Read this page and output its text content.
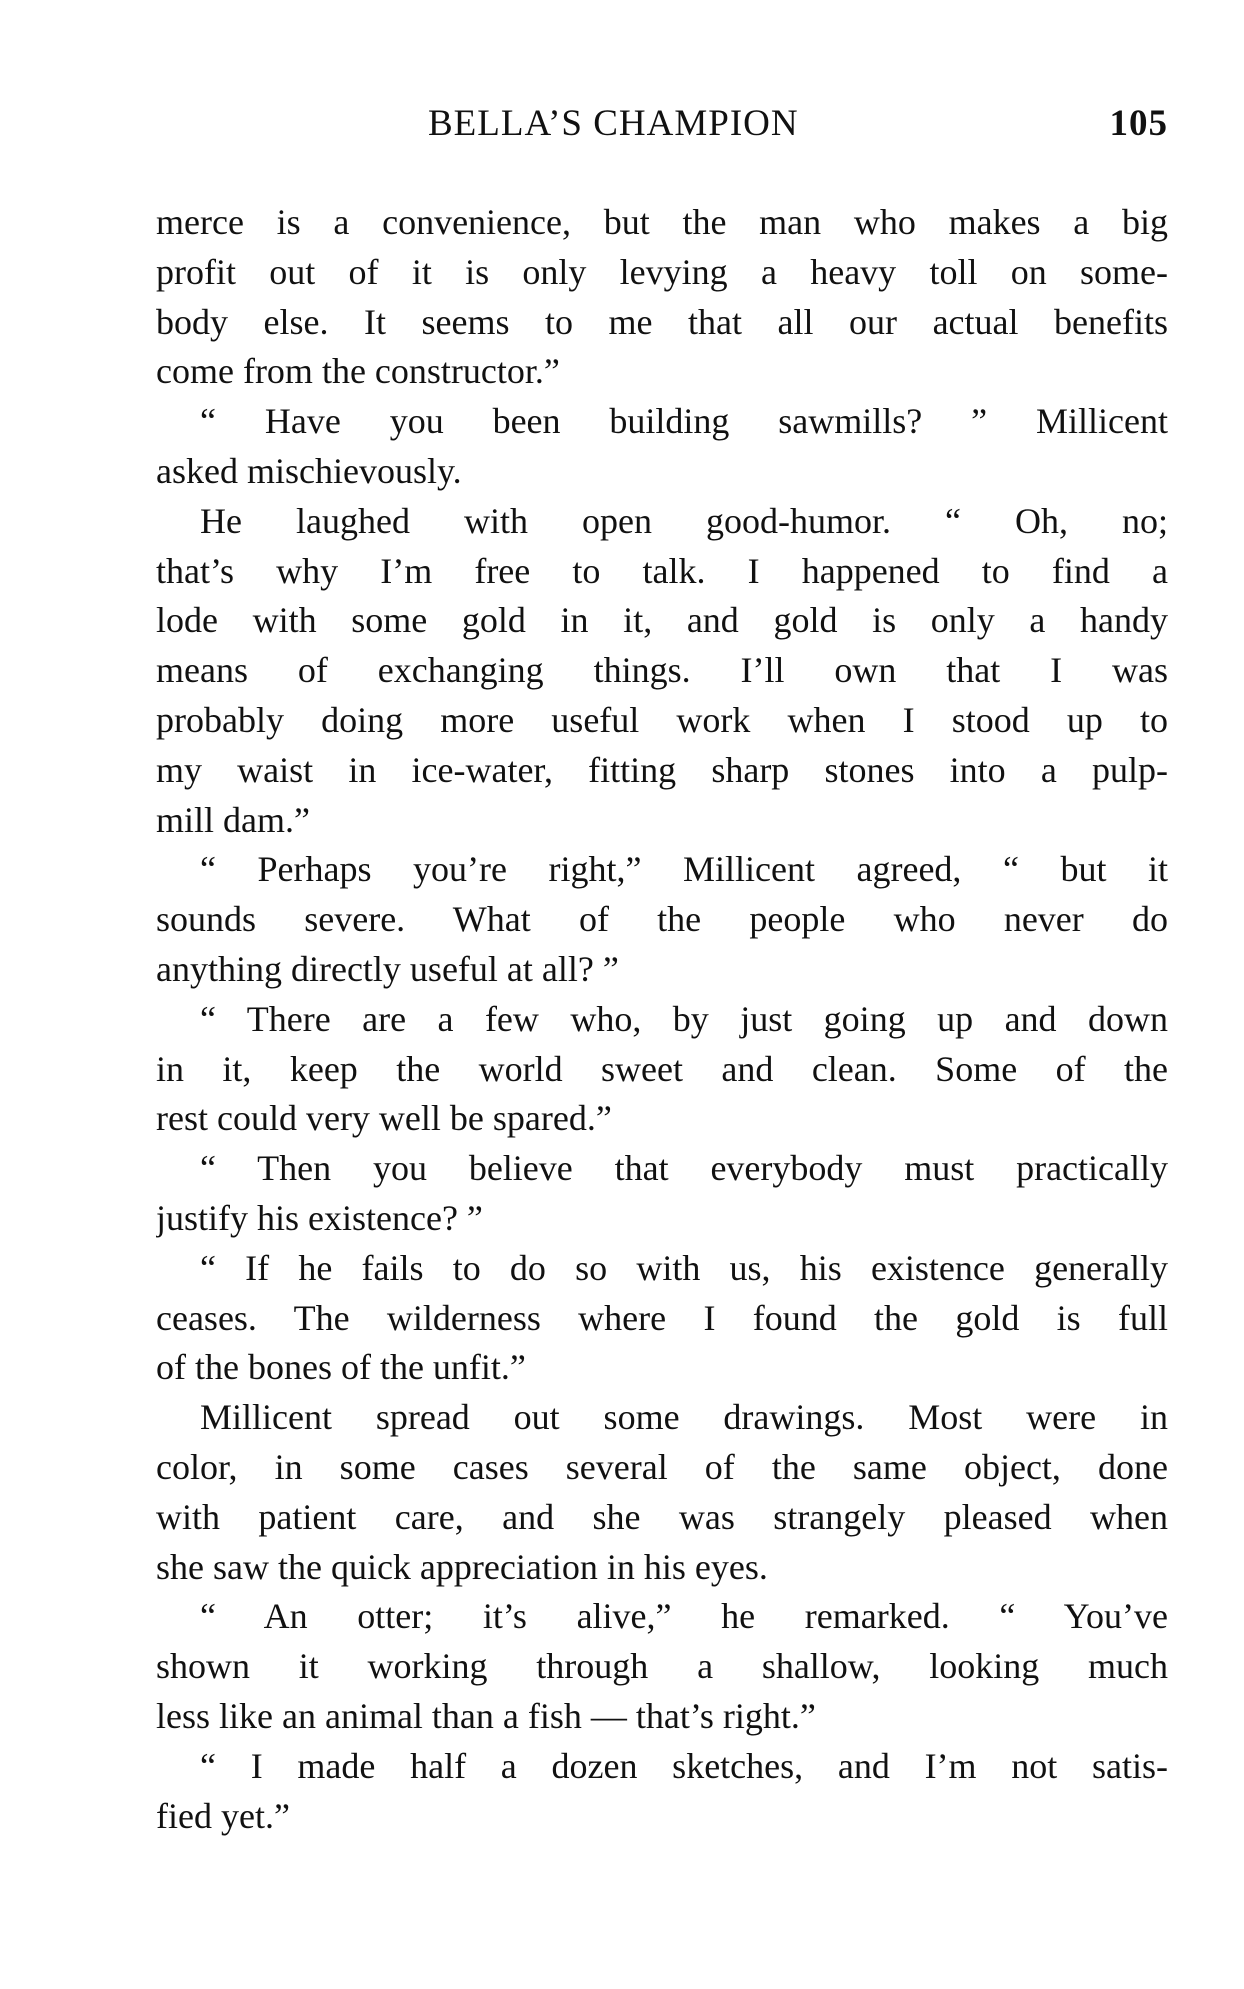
BELLA’S CHAMPION	105
merce is a convenience, but the man who makes a big
profit out of it is only levying a heavy toll on some-
body else. It seems to me that all our actual benefits
come from the constructor.”
“ Have you been building sawmills? ” Millicent
asked mischievously.
He laughed with open good-humor. “ Oh, no;
that’s why I’m free to talk. I happened to find a
lode with some gold in it, and gold is only a handy
means of exchanging things. I’ll own that I was
probably doing more useful work when I stood up to
my waist in ice-water, fitting sharp stones into a pulp-
mill dam.”
“ Perhaps you’re right,” Millicent agreed, “ but it
sounds severe. What of the people who never do
anything directly useful at all? ”
“ There are a few who, by just going up and down
in it, keep the world sweet and clean. Some of the
rest could very well be spared.”
“ Then you believe that everybody must practically
justify his existence? ”
“ If he fails to do so with us, his existence generally
ceases. The wilderness where I found the gold is full
of the bones of the unfit.”
Millicent spread out some drawings. Most were in
color, in some cases several of the same object, done
with patient care, and she was strangely pleased when
she saw the quick appreciation in his eyes.
“ An otter; it’s alive,” he remarked. “ You’ve
shown it working through a shallow, looking much
less like an animal than a fish — that’s right.”
“ I made half a dozen sketches, and I’m not satis-
fied yet.”
